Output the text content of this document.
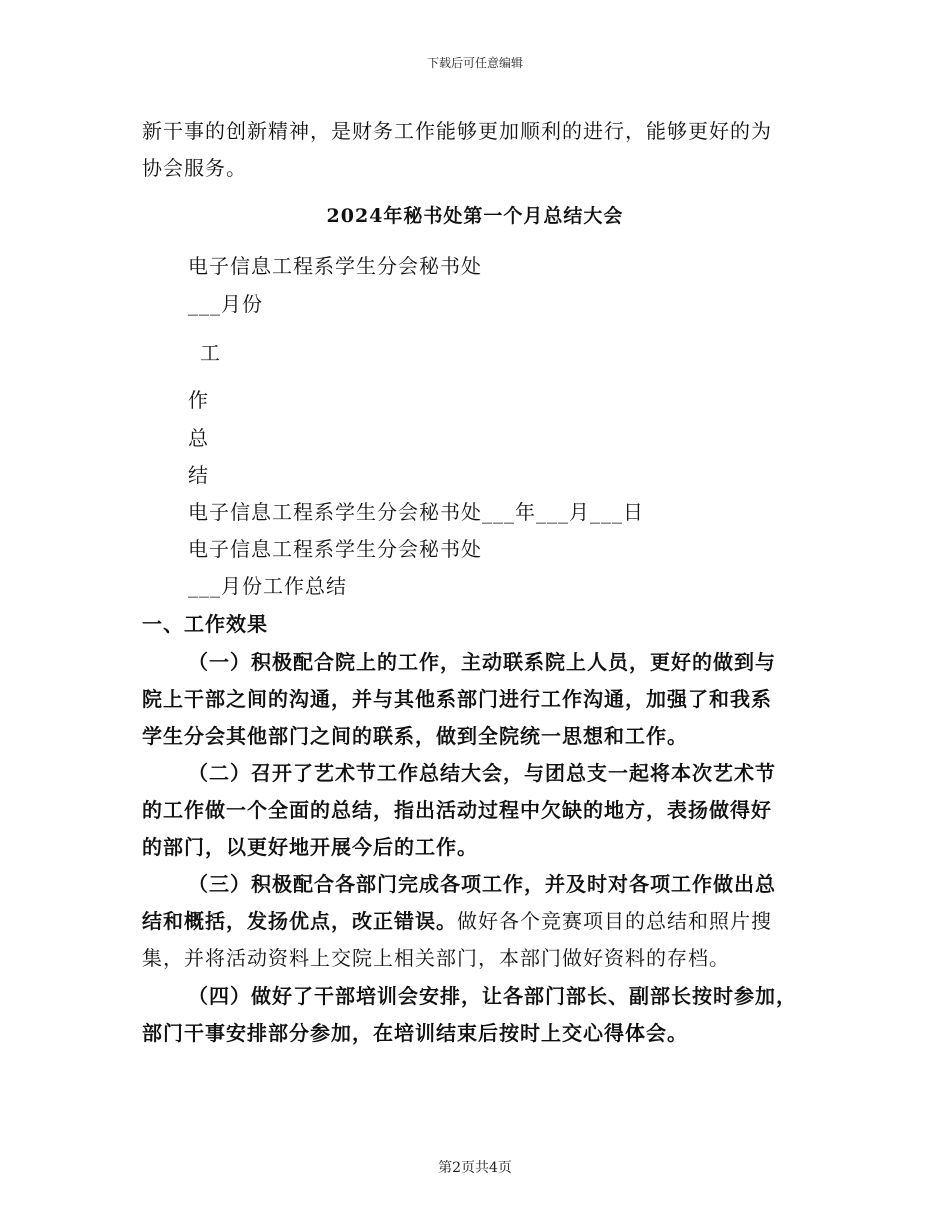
下载后可任意编辑
新干事的创新精神，是财务工作能够更加顺利的进行，能够更好的为
协会服务。
2024年秘书处第一个月总结大会
电子信息工程系学生分会秘书处
___月份
工
作
总
结
电子信息工程系学生分会秘书处___年___月___日
电子信息工程系学生分会秘书处
___月份工作总结
一、工作效果
（一）积极配合院上的工作，主动联系院上人员，更好的做到与
院上干部之间的沟通，并与其他系部门进行工作沟通，加强了和我系
学生分会其他部门之间的联系，做到全院统一思想和工作。
（二）召开了艺术节工作总结大会，与团总支一起将本次艺术节
的工作做一个全面的总结，指出活动过程中欠缺的地方，表扬做得好
的部门，以更好地开展今后的工作。
（三）积极配合各部门完成各项工作，并及时对各项工作做出总
结和概括，发扬优点，改正错误。做好各个竞赛项目的总结和照片搜
集，并将活动资料上交院上相关部门，本部门做好资料的存档。
（四）做好了干部培训会安排，让各部门部长、副部长按时参加，
部门干事安排部分参加，在培训结束后按时上交心得体会。
第2页共4页
